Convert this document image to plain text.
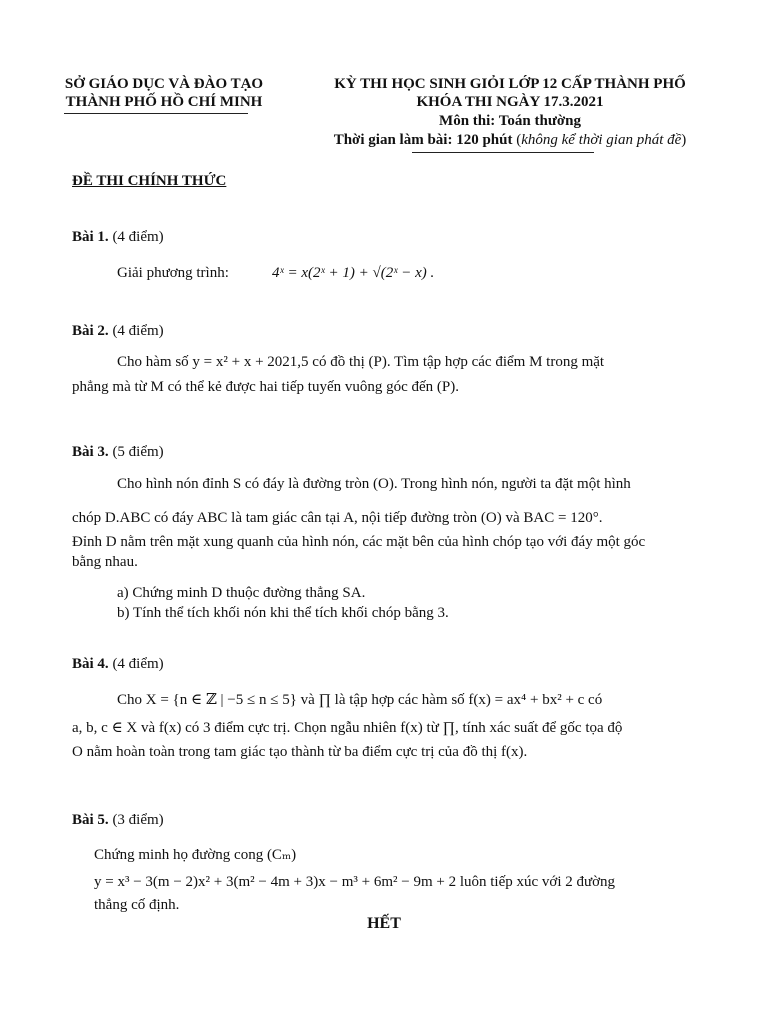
SỞ GIÁO DỤC VÀ ĐÀO TẠO
THÀNH PHỐ HỒ CHÍ MINH
KỲ THI HỌC SINH GIỎI LỚP 12 CẤP THÀNH PHỐ
KHÓA THI NGÀY 17.3.2021
Môn thi: Toán thường
Thời gian làm bài: 120 phút (không kể thời gian phát đề)
ĐỀ THI CHÍNH THỨC
Bài 1. (4 điểm)
Giải phương trình:	4ˣ = x(2ˣ + 1) + √(2ˣ − x) .
Bài 2. (4 điểm)
Cho hàm số y = x² + x + 2021,5 có đồ thị (P). Tìm tập hợp các điểm M trong mặt
phẳng mà từ M có thể kẻ được hai tiếp tuyến vuông góc đến (P).
Bài 3. (5 điểm)
Cho hình nón đỉnh S có đáy là đường tròn (O). Trong hình nón, người ta đặt một hình
chóp D.ABC có đáy ABC là tam giác cân tại A, nội tiếp đường tròn (O) và BAC = 120°.
Đỉnh D nằm trên mặt xung quanh của hình nón, các mặt bên của hình chóp tạo với đáy một góc
bằng nhau.
a) Chứng minh D thuộc đường thẳng SA.
b) Tính thể tích khối nón khi thể tích khối chóp bằng 3.
Bài 4. (4 điểm)
Cho X = {n ∈ ℤ | −5 ≤ n ≤ 5} và ∏ là tập hợp các hàm số f(x) = ax⁴ + bx² + c có
a, b, c ∈ X và f(x) có 3 điểm cực trị. Chọn ngẫu nhiên f(x) từ ∏, tính xác suất để gốc tọa độ
O nằm hoàn toàn trong tam giác tạo thành từ ba điểm cực trị của đồ thị f(x).
Bài 5. (3 điểm)
Chứng minh họ đường cong (Cₘ)
y = x³ − 3(m − 2)x² + 3(m² − 4m + 3)x − m³ + 6m² − 9m + 2 luôn tiếp xúc với 2 đường
thẳng cố định.
HẾT
